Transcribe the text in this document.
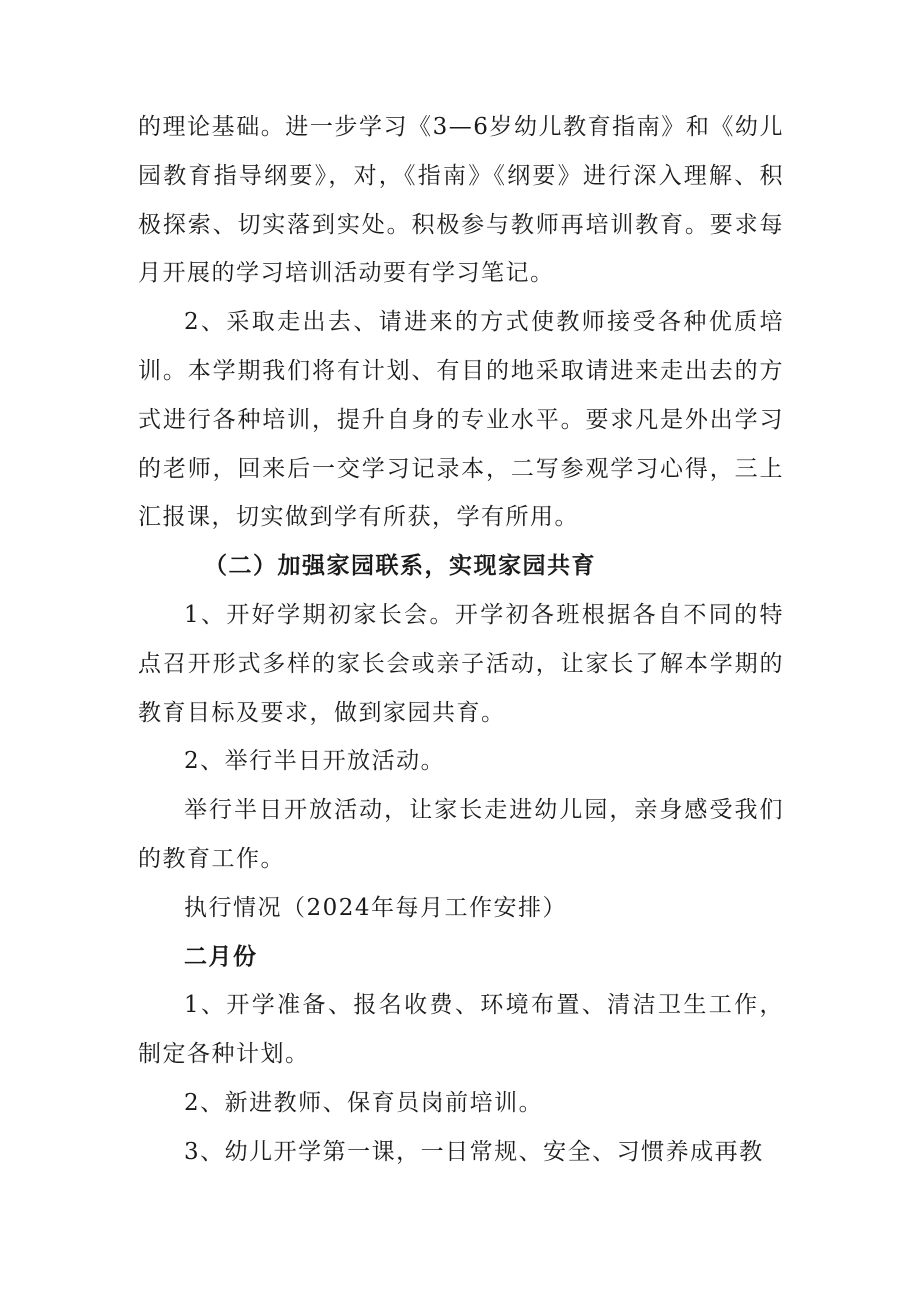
的理论基础。进一步学习《3—6岁幼儿教育指南》和《幼儿园教育指导纲要》，对，《指南》《纲要》进行深入理解、积极探索、切实落到实处。积极参与教师再培训教育。要求每月开展的学习培训活动要有学习笔记。

2、采取走出去、请进来的方式使教师接受各种优质培训。本学期我们将有计划、有目的地采取请进来走出去的方式进行各种培训，提升自身的专业水平。要求凡是外出学习的老师，回来后一交学习记录本，二写参观学习心得，三上汇报课，切实做到学有所获，学有所用。

（二）加强家园联系，实现家园共育

1、开好学期初家长会。开学初各班根据各自不同的特点召开形式多样的家长会或亲子活动，让家长了解本学期的教育目标及要求，做到家园共育。

2、举行半日开放活动。

举行半日开放活动，让家长走进幼儿园，亲身感受我们的教育工作。

执行情况（2024年每月工作安排）

二月份

1、开学准备、报名收费、环境布置、清洁卫生工作，制定各种计划。

2、新进教师、保育员岗前培训。

3、幼儿开学第一课，一日常规、安全、习惯养成再教
